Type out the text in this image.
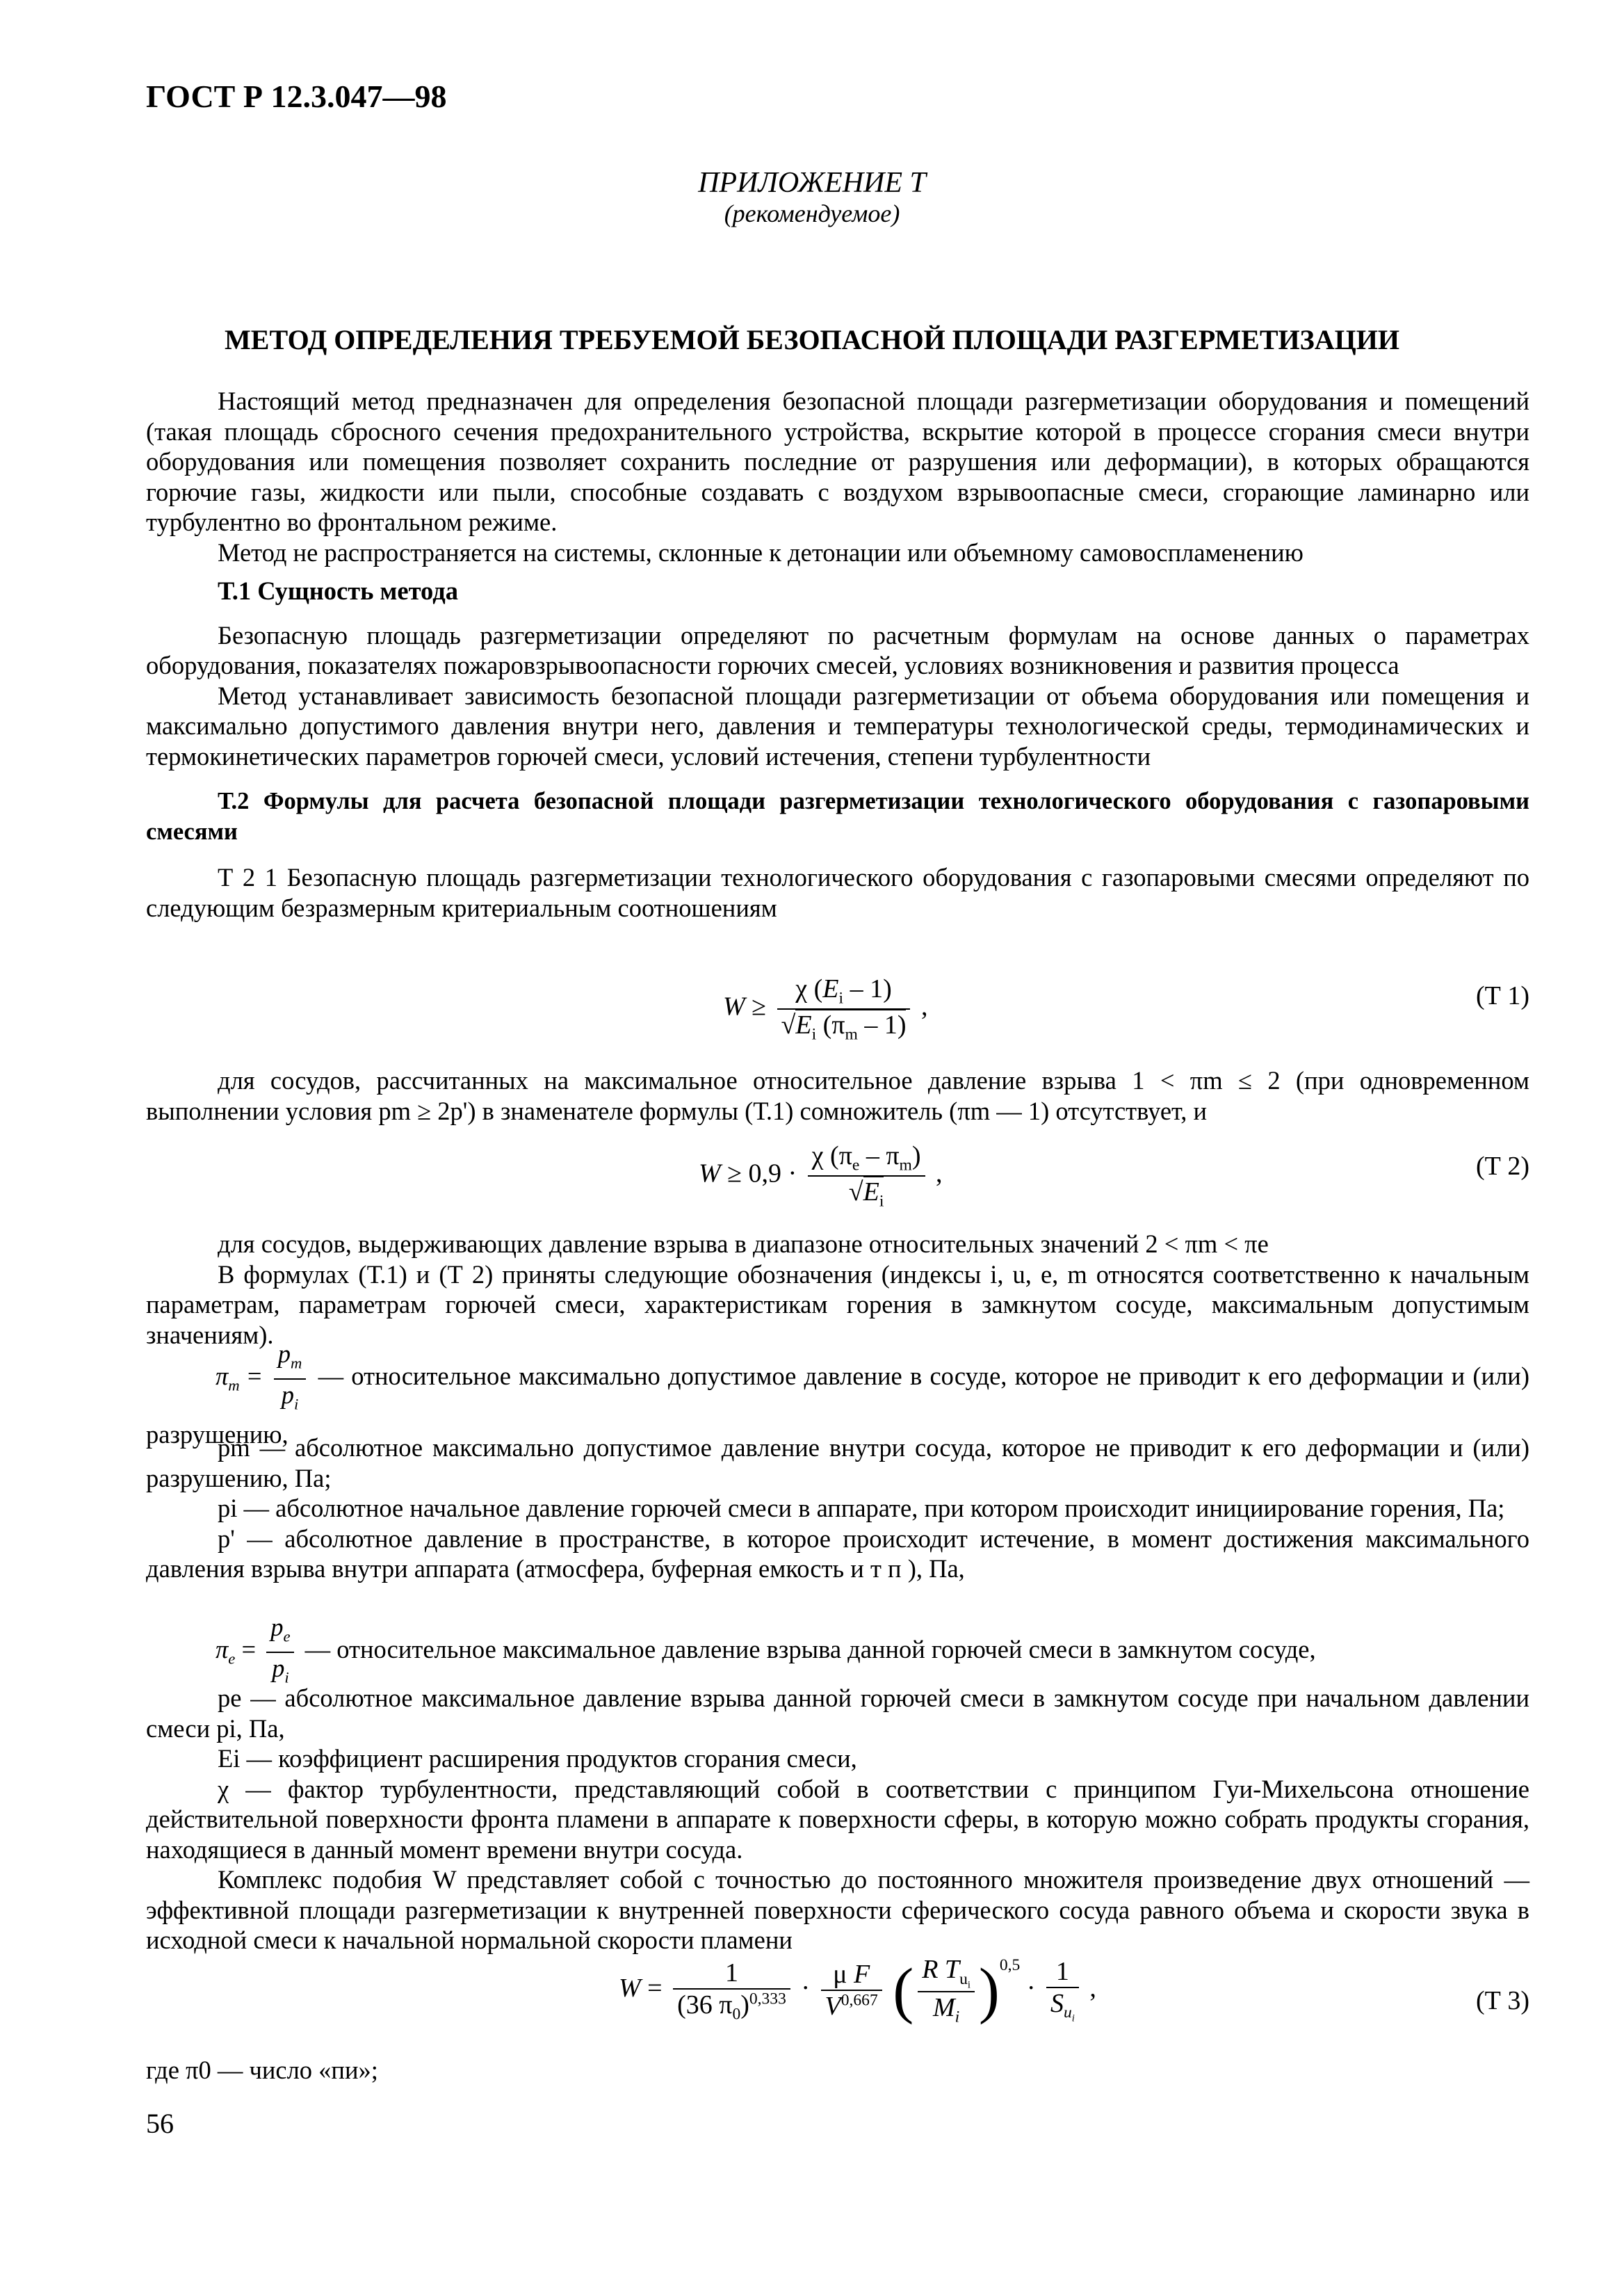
ГОСТ Р 12.3.047—98
ПРИЛОЖЕНИЕ Т
(рекомендуемое)
МЕТОД ОПРЕДЕЛЕНИЯ ТРЕБУЕМОЙ БЕЗОПАСНОЙ ПЛОЩАДИ РАЗГЕРМЕТИЗАЦИИ

Настоящий метод предназначен для определения безопасной площади разгерметизации оборудования и помещений (такая площадь сбросного сечения предохранительного устройства, вскрытие которой в процессе сгорания смеси внутри оборудования или помещения позволяет сохранить последние от разрушения или деформации), в которых обращаются горючие газы, жидкости или пыли, способные создавать с воздухом взрывоопасные смеси, сгорающие ламинарно или турбулентно во фронтальном режиме.

Метод не распространяется на системы, склонные к детонации или объемному самовоспламенению

Т.1 Сущность метода

Безопасную площадь разгерметизации определяют по расчетным формулам на основе данных о параметрах оборудования, показателях пожаровзрывоопасности горючих смесей, условиях возникновения и развития процесса

Метод устанавливает зависимость безопасной площади разгерметизации от объема оборудования или помещения и максимально допустимого давления внутри него, давления и температуры технологической среды, термодинамических и термокинетических параметров горючей смеси, условий истечения, степени турбулентности

Т.2 Формулы для расчета безопасной площади разгерметизации технологического оборудования с газопаровыми смесями

Т 2 1 Безопасную площадь разгерметизации технологического оборудования с газопаровыми смесями определяют по следующим безразмерным критериальным соотношениям

$W \ge \frac{\chi (E_i - 1)}{√E_i (\pi_m - 1)}$ ,	(Т 1)

для сосудов, рассчитанных на максимальное относительное давление взрыва 1 < πm ≤ 2 (при одновременном выполнении условия pm ≥ 2p') в знаменателе формулы (Т.1) сомножитель (πm — 1) отсутствует, и

$W \ge 0,9 \cdot \frac{\chi (\pi_e - \pi_m)}{√E_i}$ ,	(Т 2)

для сосудов, выдерживающих давление взрыва в диапазоне относительных значений 2 < πm < πe

В формулах (Т.1) и (Т 2) приняты следующие обозначения (индексы i, u, e, m относятся соответственно к начальным параметрам, параметрам горючей смеси, характеристикам горения в замкнутом сосуде, максимальным допустимым значениям).

$\pi_m = \frac{p_m}{p_i}$ — относительное максимально допустимое давление в сосуде, которое не приводит к его деформации и (или) разрушению,

pm — абсолютное максимально допустимое давление внутри сосуда, которое не приводит к его деформации и (или) разрушению, Па;

pi — абсолютное начальное давление горючей смеси в аппарате, при котором происходит инициирование горения, Па;

p' — абсолютное давление в пространстве, в которое происходит истечение, в момент достижения максимального давления взрыва внутри аппарата (атмосфера, буферная емкость и т п ), Па,

$\pi_e = \frac{p_e}{p_i}$ — относительное максимальное давление взрыва данной горючей смеси в замкнутом сосуде,

pe — абсолютное максимальное давление взрыва данной горючей смеси в замкнутом сосуде при начальном давлении смеси pi, Па,

Ei — коэффициент расширения продуктов сгорания смеси,

χ — фактор турбулентности, представляющий собой в соответствии с принципом Гуи-Михельсона отношение действительной поверхности фронта пламени в аппарате к поверхности сферы, в которую можно собрать продукты сгорания, находящиеся в данный момент времени внутри сосуда.

Комплекс подобия W представляет собой с точностью до постоянного множителя произведение двух отношений — эффективной площади разгерметизации к внутренней поверхности сферического сосуда равного объема и скорости звука в исходной смеси к начальной нормальной скорости пламени

$W = \frac{1}{(36 \pi_0)^{0,333}} \cdot \frac{\text{μ F}}{V^{0,667}}$ ( $\frac{R T_{u_i}}{M_i} )^{0,5} \cdot \frac{1}{S_{u_i}}$ ,	(Т 3)
где π0 — число «пи»;
56
